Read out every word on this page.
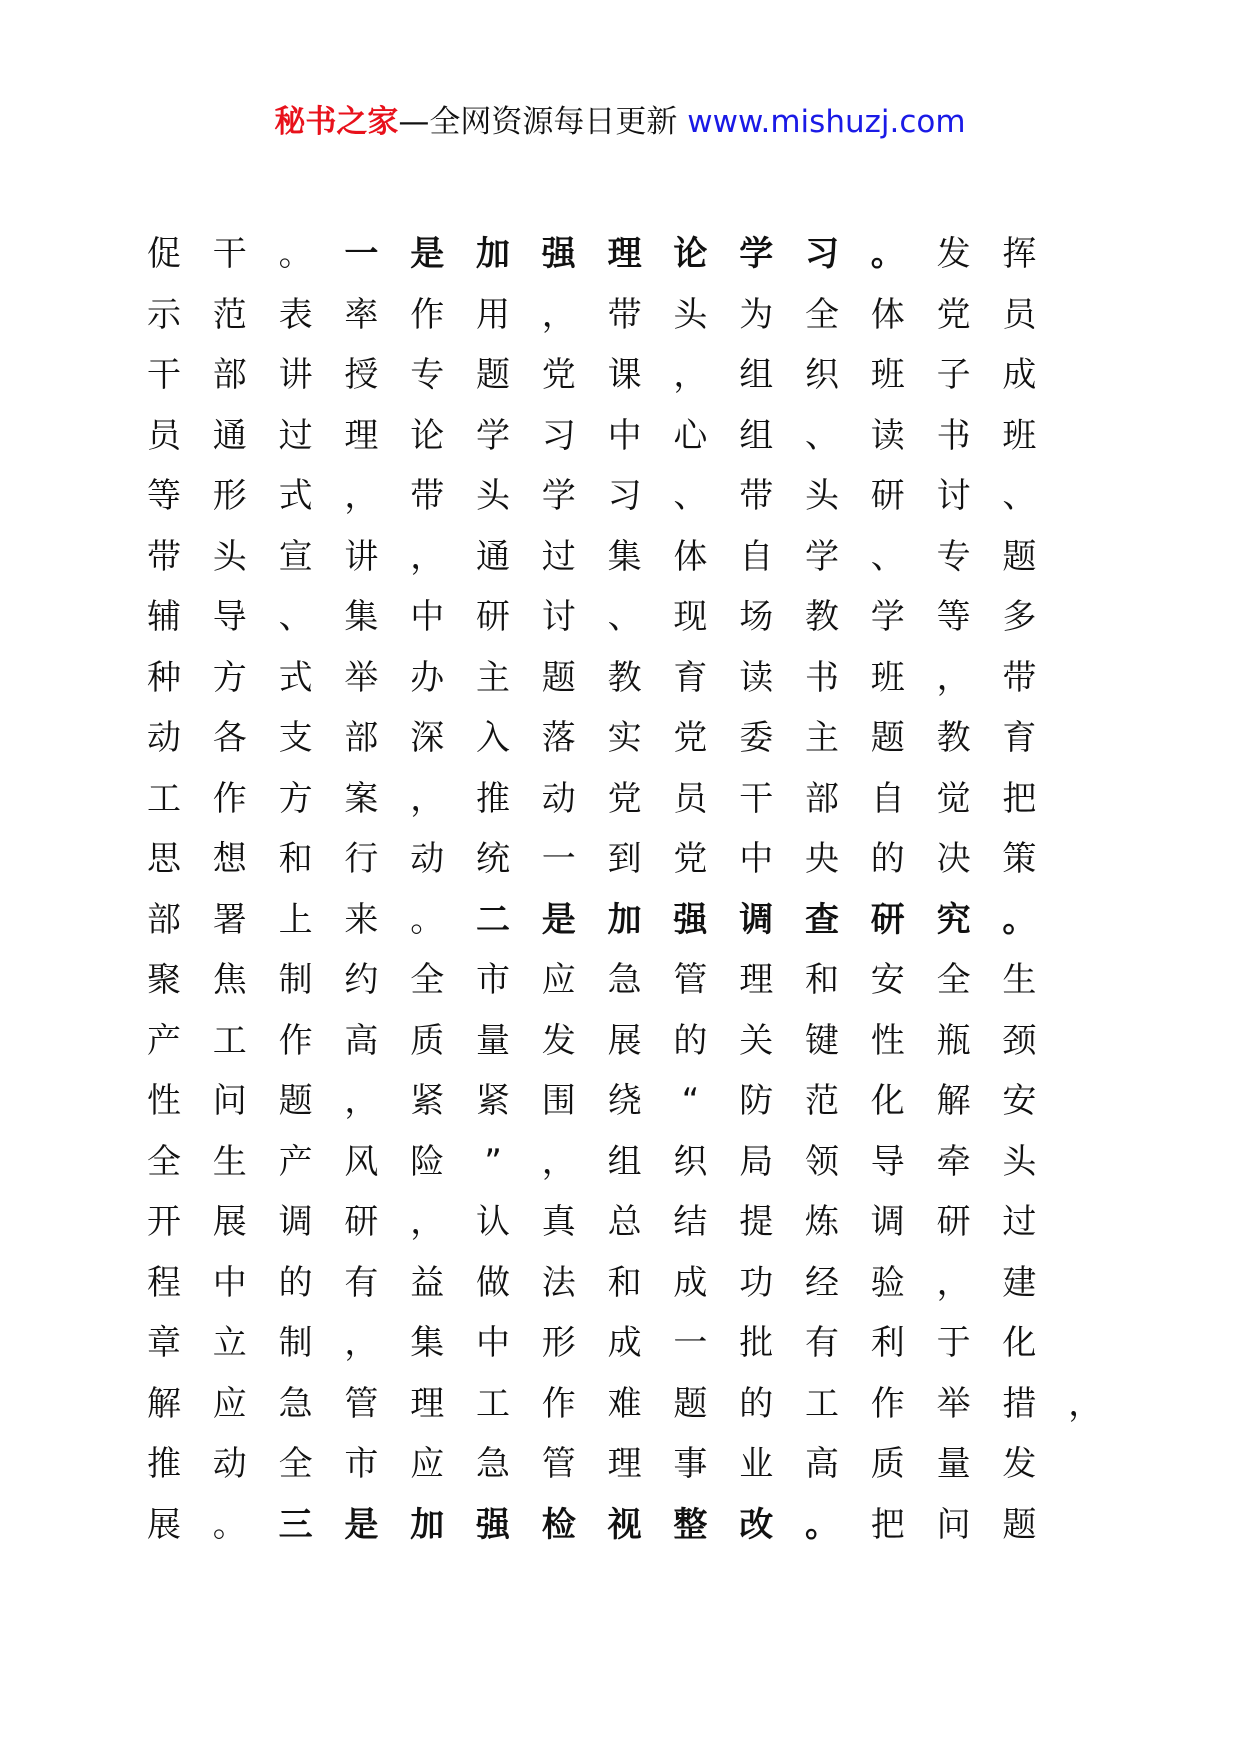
秘书之家—全网资源每日更新 www.mishuzj.com
促 干 。 一 是 加 强 理 论 学 习 。 发 挥
示 范 表 率 作 用 ， 带 头 为 全 体 党 员
干 部 讲 授 专 题 党 课 ， 组 织 班 子 成
员 通 过 理 论 学 习 中 心 组 、 读 书 班
等 形 式 ， 带 头 学 习 、 带 头 研 讨 、
带 头 宣 讲 ， 通 过 集 体 自 学 、 专 题
辅 导 、 集 中 研 讨 、 现 场 教 学 等 多
种 方 式 举 办 主 题 教 育 读 书 班 ， 带
动 各 支 部 深 入 落 实 党 委 主 题 教 育
工 作 方 案 ， 推 动 党 员 干 部 自 觉 把
思 想 和 行 动 统 一 到 党 中 央 的 决 策
部 署 上 来 。 二 是 加 强 调 查 研 究 。
聚 焦 制 约 全 市 应 急 管 理 和 安 全 生
产 工 作 高 质 量 发 展 的 关 键 性 瓶 颈
性 问 题 ， 紧 紧 围 绕	“	防 范 化 解 安
全 生 产 风 险	”	， 组 织 局 领 导 牵 头
开 展 调 研 ， 认 真 总 结 提 炼 调 研 过
程 中 的 有 益 做 法 和 成 功 经 验 ， 建
章 立 制 ， 集 中 形 成 一 批 有 利 于 化
解 应 急 管 理 工 作 难 题 的 工 作 举 措 ，
推 动 全 市 应 急 管 理 事 业 高 质 量 发
展 。 三 是 加 强 检 视 整 改 。 把 问 题
